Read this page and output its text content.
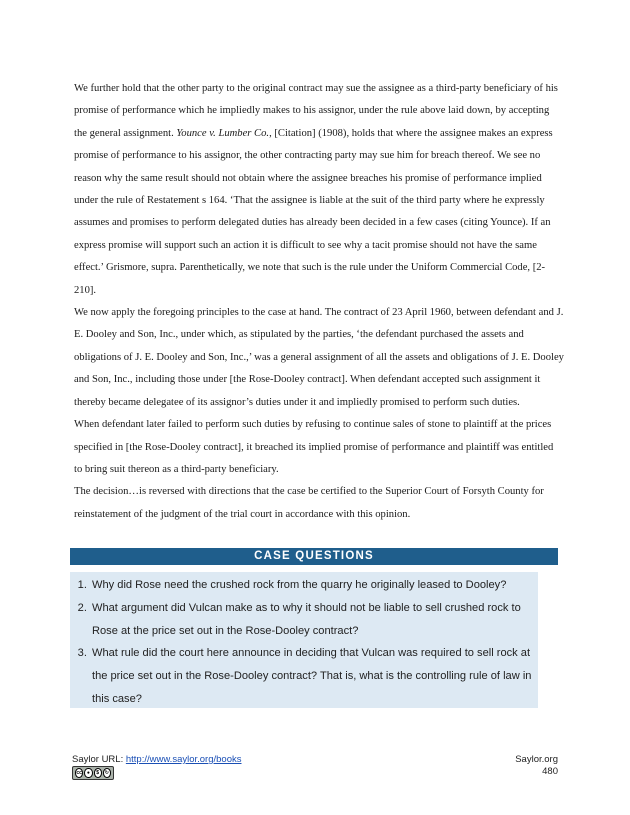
We further hold that the other party to the original contract may sue the assignee as a third-party beneficiary of his promise of performance which he impliedly makes to his assignor, under the rule above laid down, by accepting the general assignment. Younce v. Lumber Co., [Citation] (1908), holds that where the assignee makes an express promise of performance to his assignor, the other contracting party may sue him for breach thereof. We see no reason why the same result should not obtain where the assignee breaches his promise of performance implied under the rule of Restatement s 164. ‘That the assignee is liable at the suit of the third party where he expressly assumes and promises to perform delegated duties has already been decided in a few cases (citing Younce). If an express promise will support such an action it is difficult to see why a tacit promise should not have the same effect.’ Grismore, supra. Parenthetically, we note that such is the rule under the Uniform Commercial Code, [2-210].

We now apply the foregoing principles to the case at hand. The contract of 23 April 1960, between defendant and J. E. Dooley and Son, Inc., under which, as stipulated by the parties, ‘the defendant purchased the assets and obligations of J. E. Dooley and Son, Inc.,’ was a general assignment of all the assets and obligations of J. E. Dooley and Son, Inc., including those under [the Rose-Dooley contract]. When defendant accepted such assignment it thereby became delegatee of its assignor’s duties under it and impliedly promised to perform such duties.

When defendant later failed to perform such duties by refusing to continue sales of stone to plaintiff at the prices specified in [the Rose-Dooley contract], it breached its implied promise of performance and plaintiff was entitled to bring suit thereon as a third-party beneficiary.

The decision…is reversed with directions that the case be certified to the Superior Court of Forsyth County for reinstatement of the judgment of the trial court in accordance with this opinion.

CASE QUESTIONS
1. Why did Rose need the crushed rock from the quarry he originally leased to Dooley?
2. What argument did Vulcan make as to why it should not be liable to sell crushed rock to Rose at the price set out in the Rose-Dooley contract?
3. What rule did the court here announce in deciding that Vulcan was required to sell rock at the price set out in the Rose-Dooley contract? That is, what is the controlling rule of law in this case?
Saylor URL: http://www.saylor.org/books
cc ●	$	↻
Saylor.org
480
